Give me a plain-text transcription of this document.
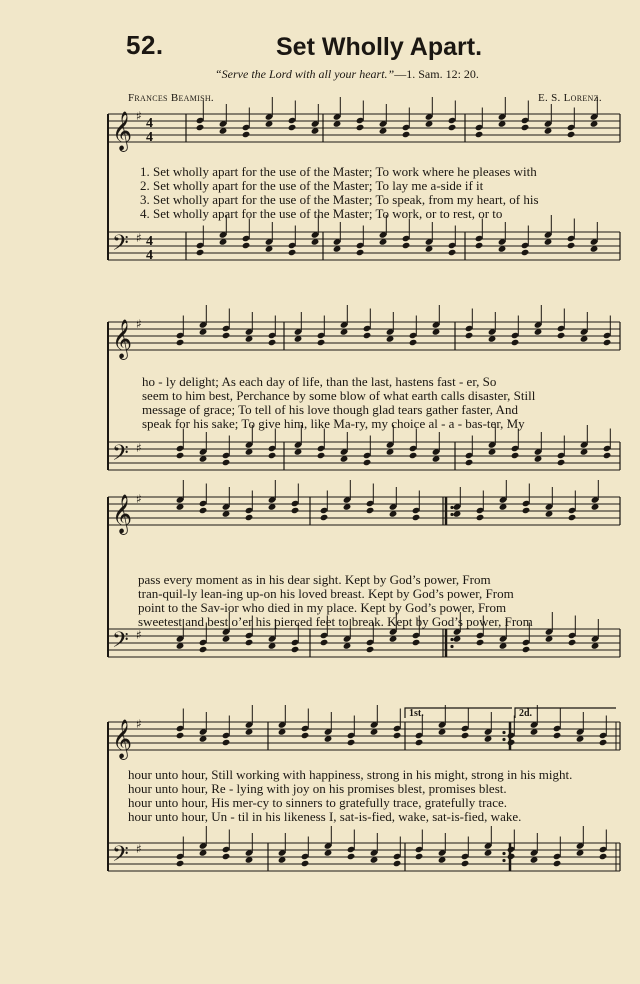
52.	Set Wholly Apart.
“Serve the Lord with all your heart.”—1. Sam. 12: 20.
Frances Beamish.	E. S. Lorenz.
𝄞
𝄢
♯
♯
4
4
4
4
𝄞
𝄢
♯
♯
𝄞
𝄢
♯
♯
𝄞
𝄢
♯
♯
1st.	2d.
1. Set wholly apart for the use of the Master; To work where he pleases with
2. Set wholly apart for the use of the Master; To lay me a-side if it
3. Set wholly apart for the use of the Master; To speak, from my heart, of his
4. Set wholly apart for the use of the Master; To work, or to rest, or to
ho - ly delight; As each day of life, than the last, hastens fast - er, So
seem to him best, Perchance by some blow of what earth calls disaster, Still
message of grace; To tell of his love though glad tears gather faster, And
speak for his sake; To give him, like Ma-ry, my choice al - a - bas-ter, My
pass every moment as in his dear sight. Kept by God’s power, From
tran-quil-ly lean-ing up-on his loved breast. Kept by God’s power, From
point to the Sav-ior who died in my place. Kept by God’s power, From
sweetest and best o’er his pierced feet to break. Kept by God’s power, From
hour unto hour, Still working with happiness, strong in his might, strong in his might.
hour unto hour, Re - lying with joy on his promises blest, promises blest.
hour unto hour, His mer-cy to sinners to gratefully trace, gratefully trace.
hour unto hour, Un - til in his likeness I, sat-is-fied, wake, sat-is-fied, wake.
